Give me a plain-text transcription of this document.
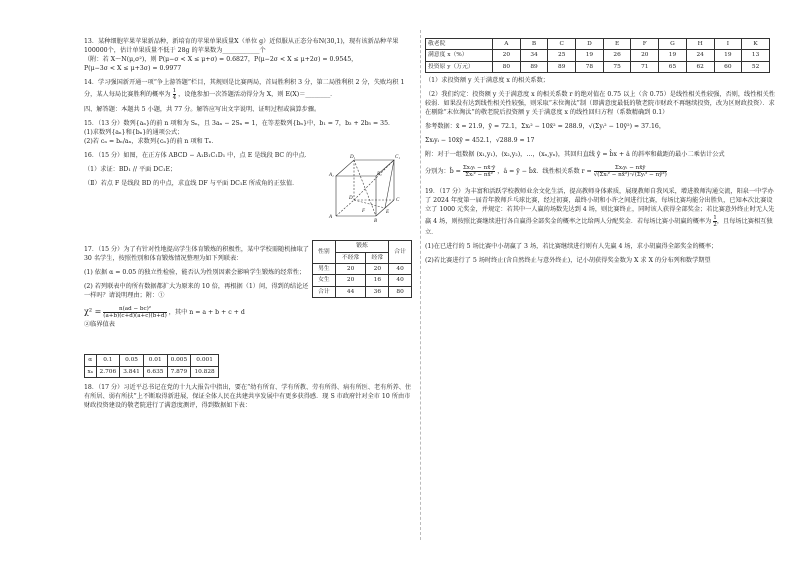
13．某种细胞苹果苹果新品种，新培育的苹果单果质量X（单位 g）近似服从正态分布N(30,1)，现有该新品种苹果100000个，估计单果质量不低于 28g 的苹果数为____________个
（附：若 X～N(μ,σ²)，则 P(μ−σ < X ≤ μ+σ) = 0.6827，P(μ−2σ < X ≤ μ+2σ) = 0.9545，
P(μ−3σ < X ≤ μ+3σ) = 0.9977

14．学习强国新开通一项“争上游答题”栏目，其规则是比赛两局，首局胜利积 3 分，第二局胜利积 2 分，失败均积 1 分，某人每局比赛胜利的概率为 $\frac{1}{4}$ ，设他参加一次答题活动得分为 X，则 E(X)＝________．

四、解答题：本题共 5 小题，共 77 分。解答应写出文字说明、证明过程或演算步骤。

15．（13 分）数列{aₙ}的前 n 项和为 Sₙ，且 3aₙ − 2Sₙ = 1，在等差数列{bₙ}中，b₁ = 7，b₃ + 2b₅ = 35．
(1)求数列{aₙ}和{bₙ}的通项公式；
(2)若 cₙ = bₙ/aₙ，求数列{cₙ}的前 n 项和 Tₙ．

16．（15 分）如图，在正方体 ABCD − A₁B₁C₁D₁ 中，点 E 是线段 BC 的中点．

（1）求证：BD₁ // 平面 DC₁E；

（Ⅱ）若点 F 是线段 BD 的中点，求直线 DF 与平面 DC₁E 所成角的正弦值．

D₁	C₁
A₁	B₁
D	C
E
A
B
F

17．（15 分）为了有针对性地提高学生体育锻炼的积极性，某中学校需随机抽取了 30 名学生，按照性别和体育锻炼情况整理为如下列联表：

(1) 依据 α = 0.05 的独立性检验，能否认为性别因素会影响学生锻炼的经常性；

(2) 若列联表中的所有数据都扩大为原来的 10 倍，再根据（1）问，得到的结论还一样吗？请说明理由；附：①

$\chi^2 = \frac{\text{n(ad − bc)²}}{(a+b)(c+d)(a+c)(b+d)}$ ，其中 n = a + b + c + d

②临界值表

性别	锻炼		合计
	不经常	经常	
男生	20	20	40
女生	20	16	40
合计	44	36	80
α	0.1	0.05	0.01	0.005	0.001
xₐ	2.706	3.841	6.635	7.879	10.828

18．（17 分）习近平总书记在党的十九大报告中指出，要在“幼有所育、学有所教、劳有所得、病有所医、老有所养、住有所居、弱有所扶”上不断取得新进展，保证全体人民在共建共享发展中有更多获得感．现 S 市政府针对全市 10 所由市财政投资建设的敬老院进行了满意度测评，得到数据如下表：

敬老院	A	B	C	D	E	F	G	H	I	K
满意度 x（%）	20	34	25	19	26	20	19	24	19	13
投资原 y（万元）	80	89	89	78	75	71	65	62	60	52

（1）求投资额 y 关于满意度 x 的相关系数；

（2）我们约定：投资额 y 关于满意度 x 的相关系数 r 的绝对值在 0.75 以上（含 0.75）是线性相关性较强，否则，线性相关性较弱．如果没有达到线性相关性较强，则采取“末位淘汰”制（即满意度最低的敬老院市财政不再继续投资，改为区财政投资）．求在剔除“末位淘汰”的敬老院后投资额 y 关于满意度 x 的线性回归方程（系数精确到 0.1）

参考数据：x̄ = 21.9，ȳ = 72.1，Σxᵢ² − 10x̄² = 288.9，√(Σyᵢ² − 10ȳ²) ≈ 37.16，

Σxᵢyᵢ − 10x̄ȳ = 452.1，√288.9 ≈ 17

附：对于一组数据 (x₁,y₁)，(x₂,y₂)，…，(xₙ,yₙ)，其回归直线 ŷ = b̂x + â 的斜率和截距的最小二乘估计公式

分别为：b̂ = $\frac{\text{Σxᵢyᵢ − nx̄·ȳ}}{\text{Σxᵢ² − nx̄²}}$ ，â = ȳ − b̂x̄．线性相关系数 $r = \frac{\text{Σxᵢyᵢ − nx̄ȳ}}{\text{√(Σxᵢ² − nx̄²)·√(Σyᵢ² − nȳ²)}}$

19．（17 分）为丰富和活跃学校教师业余文化生活，提高教师身体素质，展现教师自我风采，增进教师沟通交流，阳泉一中学办了 2024 年度第一届青年教师乒乓球比赛，经过初赛，最终小胡和小许之间进行比赛，每场比赛均能分出胜负，已知本次比赛设立了 1000 元奖金，并规定：若其中一人赢的场数先达到 4 场，则比赛终止，同时该人获得全部奖金；若比赛意外终止时无人先赢 4 场，则按照比赛继续进行各自赢得全部奖金的概率之比给两人分配奖金．若每场比赛小胡赢的概率为 $\frac{1}{2}$ ，且每场比赛相互独立．

(1)在已进行的 5 场比赛中小胡赢了 3 场，若比赛继续进行则有人先赢 4 场，求小胡赢得全部奖金的概率；

(2)若比赛进行了 5 场时终止(含自然终止与意外终止)，记小胡获得奖金数为 X 求 X 的分布列和数学期望
